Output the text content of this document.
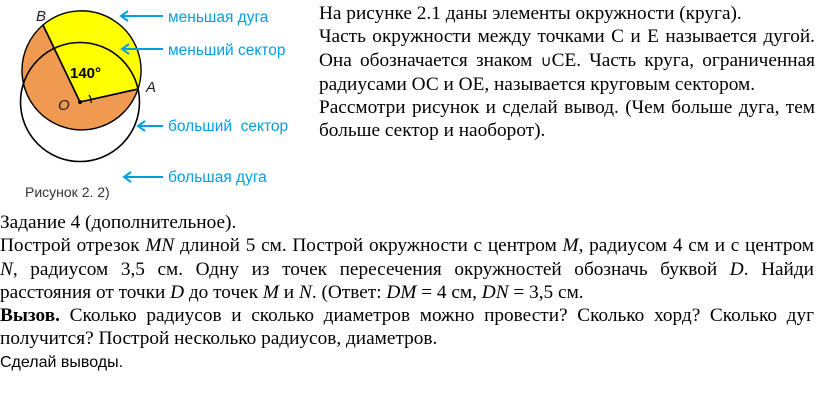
B
A
O
140°
меньшая дуга
меньший сектор
больший  сектор
большая дуга
Рисунок 2. 2)

На рисунке 2.1 даны элементы окружности (круга).

Часть окружности между точками С и Е называется дугой. Она обозначается знаком ∪СЕ. Часть круга, ограниченная радиусами ОС и ОЕ, называется круговым сектором.

Рассмотри рисунок и сделай вывод. (Чем больше дуга, тем больше сектор и наоборот).

Задание 4 (дополнительное).

Построй отрезок MN длиной 5 см. Построй окружности с центром M, радиусом 4 см и с центром N, радиусом 3,5 см. Одну из точек пересечения окружностей обозначь буквой D. Найди расстояния от точки D до точек M и N. (Ответ: DM = 4 см, DN = 3,5 см.

Вызов. Сколько радиусов и сколько диаметров можно провести? Сколько хорд? Сколько дуг получится? Построй несколько радиусов, диаметров.

Сделай выводы.
